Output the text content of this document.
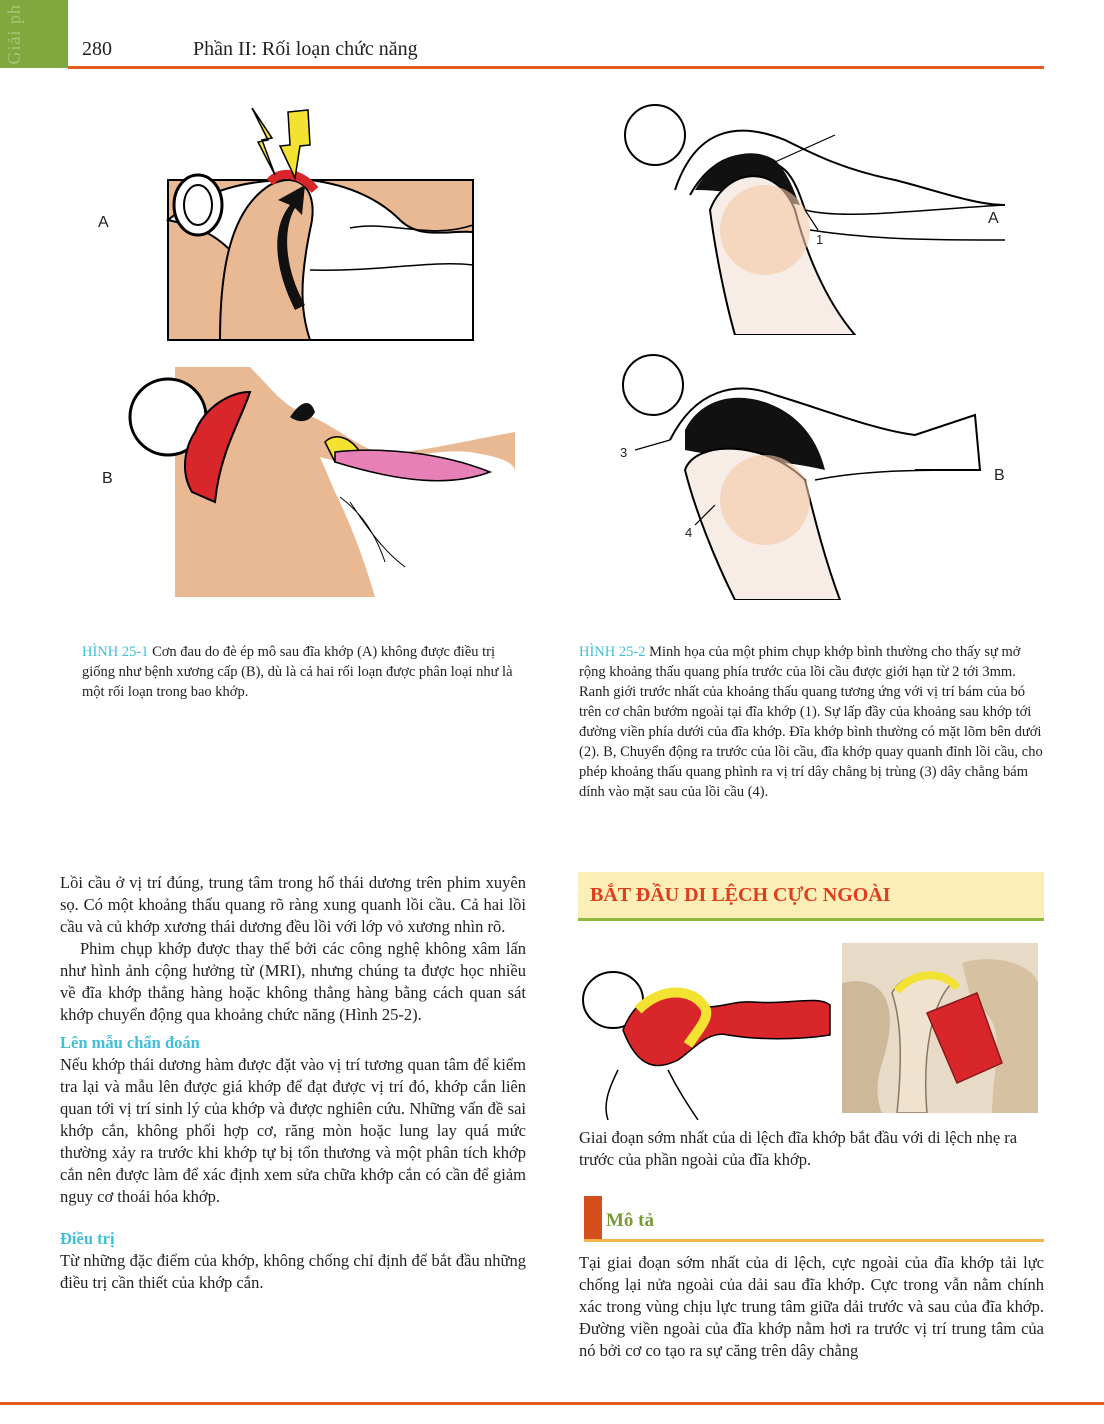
Giải ph	280	Phần II: Rối loạn chức năng
A
B
A
1
B
3
4
HÌNH 25-1 Cơn đau do đè ép mô sau đĩa khớp (A) không được điều trị giống như bệnh xương cấp (B), dù là cả hai rối loạn được phân loại như là một rối loạn trong bao khớp.
HÌNH 25-2 Minh họa của một phim chụp khớp bình thường cho thấy sự mở rộng khoảng thấu quang phía trước của lồi cầu được giới hạn từ 2 tới 3mm. Ranh giới trước nhất của khoảng thấu quang tương ứng với vị trí bám của bó trên cơ chân bướm ngoài tại đĩa khớp (1). Sự lấp đầy của khoảng sau khớp tới đường viền phía dưới của đĩa khớp. Đĩa khớp bình thường có mặt lõm bên dưới (2). B, Chuyển động ra trước của lồi cầu, đĩa khớp quay quanh đỉnh lồi cầu, cho phép khoảng thấu quang phình ra vị trí dây chằng bị trùng (3) dây chằng bám dính vào mặt sau của lồi cầu (4).

Lồi cầu ở vị trí đúng, trung tâm trong hố thái dương trên phim xuyên sọ. Có một khoảng thấu quang rõ ràng xung quanh lồi cầu. Cả hai lồi cầu và củ khớp xương thái dương đều lồi với lớp vỏ xương nhìn rõ.

Phim chụp khớp được thay thế bởi các công nghệ không xâm lấn như hình ảnh cộng hưởng từ (MRI), nhưng chúng ta được học nhiều về đĩa khớp thẳng hàng hoặc không thẳng hàng bằng cách quan sát khớp chuyển động qua khoảng chức năng (Hình 25-2).

Lên mẫu chẩn đoán

Nếu khớp thái dương hàm được đặt vào vị trí tương quan tâm để kiểm tra lại và mẫu lên được giá khớp để đạt được vị trí đó, khớp cắn liên quan tới vị trí sinh lý của khớp và được nghiên cứu. Những vấn đề sai khớp cắn, không phối hợp cơ, răng mòn hoặc lung lay quá mức thường xảy ra trước khi khớp tự bị tổn thương và một phân tích khớp cắn nên được làm để xác định xem sửa chữa khớp cắn có cần để giảm nguy cơ thoái hóa khớp.

Điều trị

Từ những đặc điểm của khớp, không chống chỉ định để bắt đầu những điều trị cần thiết của khớp cắn.

BẮT ĐẦU DI LỆCH CỰC NGOÀI
Giai đoạn sớm nhất của di lệch đĩa khớp bắt đầu với di lệch nhẹ ra trước của phần ngoài của đĩa khớp.
Mô tả
Tại giai đoạn sớm nhất của di lệch, cực ngoài của đĩa khớp tải lực chống lại nửa ngoài của dải sau đĩa khớp. Cực trong vẫn nằm chính xác trong vùng chịu lực trung tâm giữa dải trước và sau của đĩa khớp. Đường viền ngoài của đĩa khớp nằm hơi ra trước vị trí trung tâm của nó bởi cơ co tạo ra sự căng trên dây chằng
